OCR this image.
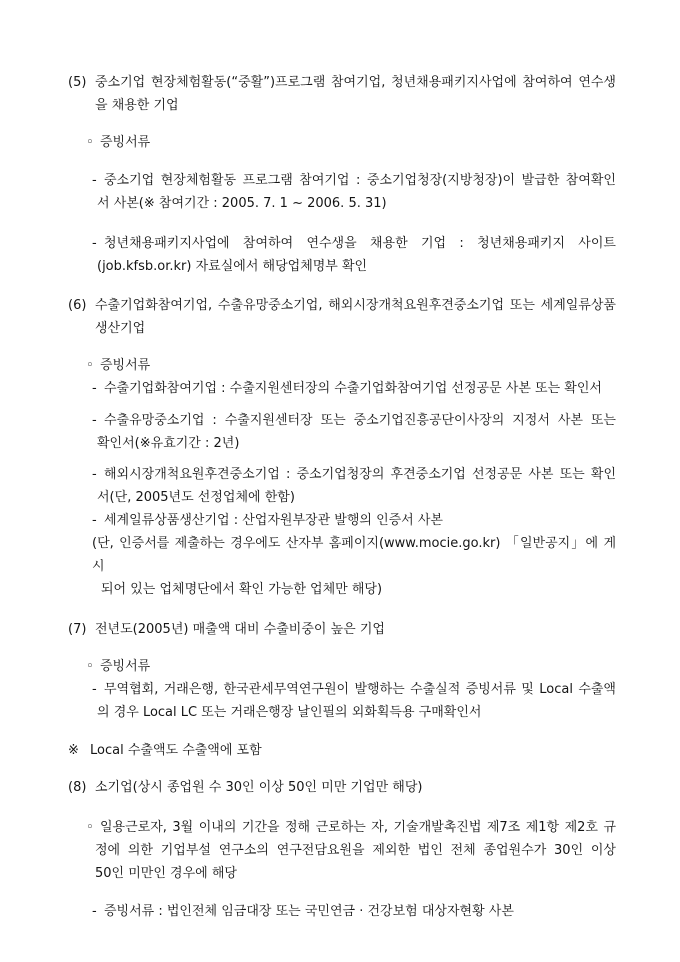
(5) 중소기업 현장체험활동(“중활”)프로그램 참여기업, 청년채용패키지사업에 참여하여 연수생
을 채용한 기업
◦ 증빙서류
- 중소기업 현장체험활동 프로그램 참여기업 : 중소기업청장(지방청장)이 발급한 참여확인
서 사본(※ 참여기간 : 2005. 7. 1 ~ 2006. 5. 31)
- 청년채용패키지사업에 참여하여 연수생을 채용한 기업 : 청년채용패키지 사이트
(job.kfsb.or.kr) 자료실에서 해당업체명부 확인
(6) 수출기업화참여기업, 수출유망중소기업, 해외시장개척요원후견중소기업 또는 세계일류상품
생산기업
◦ 증빙서류
- 수출기업화참여기업 : 수출지원센터장의 수출기업화참여기업 선정공문 사본 또는 확인서
- 수출유망중소기업 : 수출지원센터장 또는 중소기업진흥공단이사장의 지정서 사본 또는
확인서(※유효기간 : 2년)
- 해외시장개척요원후견중소기업 : 중소기업청장의 후견중소기업 선정공문 사본 또는 확인
서(단, 2005년도 선정업체에 한함)
- 세계일류상품생산기업 : 산업자원부장관 발행의 인증서 사본
(단, 인증서를 제출하는 경우에도 산자부 홈페이지(www.mocie.go.kr) 「일반공지」에 게시
되어 있는 업체명단에서 확인 가능한 업체만 해당)
(7) 전년도(2005년) 매출액 대비 수출비중이 높은 기업
◦ 증빙서류
- 무역협회, 거래은행, 한국관세무역연구원이 발행하는 수출실적 증빙서류 및 Local 수출액
의 경우 Local LC 또는 거래은행장 날인필의 외화획득용 구매확인서
※ Local 수출액도 수출액에 포함
(8) 소기업(상시 종업원 수 30인 이상 50인 미만 기업만 해당)
◦ 일용근로자, 3월 이내의 기간을 정해 근로하는 자, 기술개발촉진법 제7조 제1항 제2호 규
정에 의한 기업부설 연구소의 연구전담요원을 제외한 법인 전체 종업원수가 30인 이상
50인 미만인 경우에 해당
- 증빙서류 : 법인전체 임금대장 또는 국민연금 · 건강보험 대상자현황 사본
